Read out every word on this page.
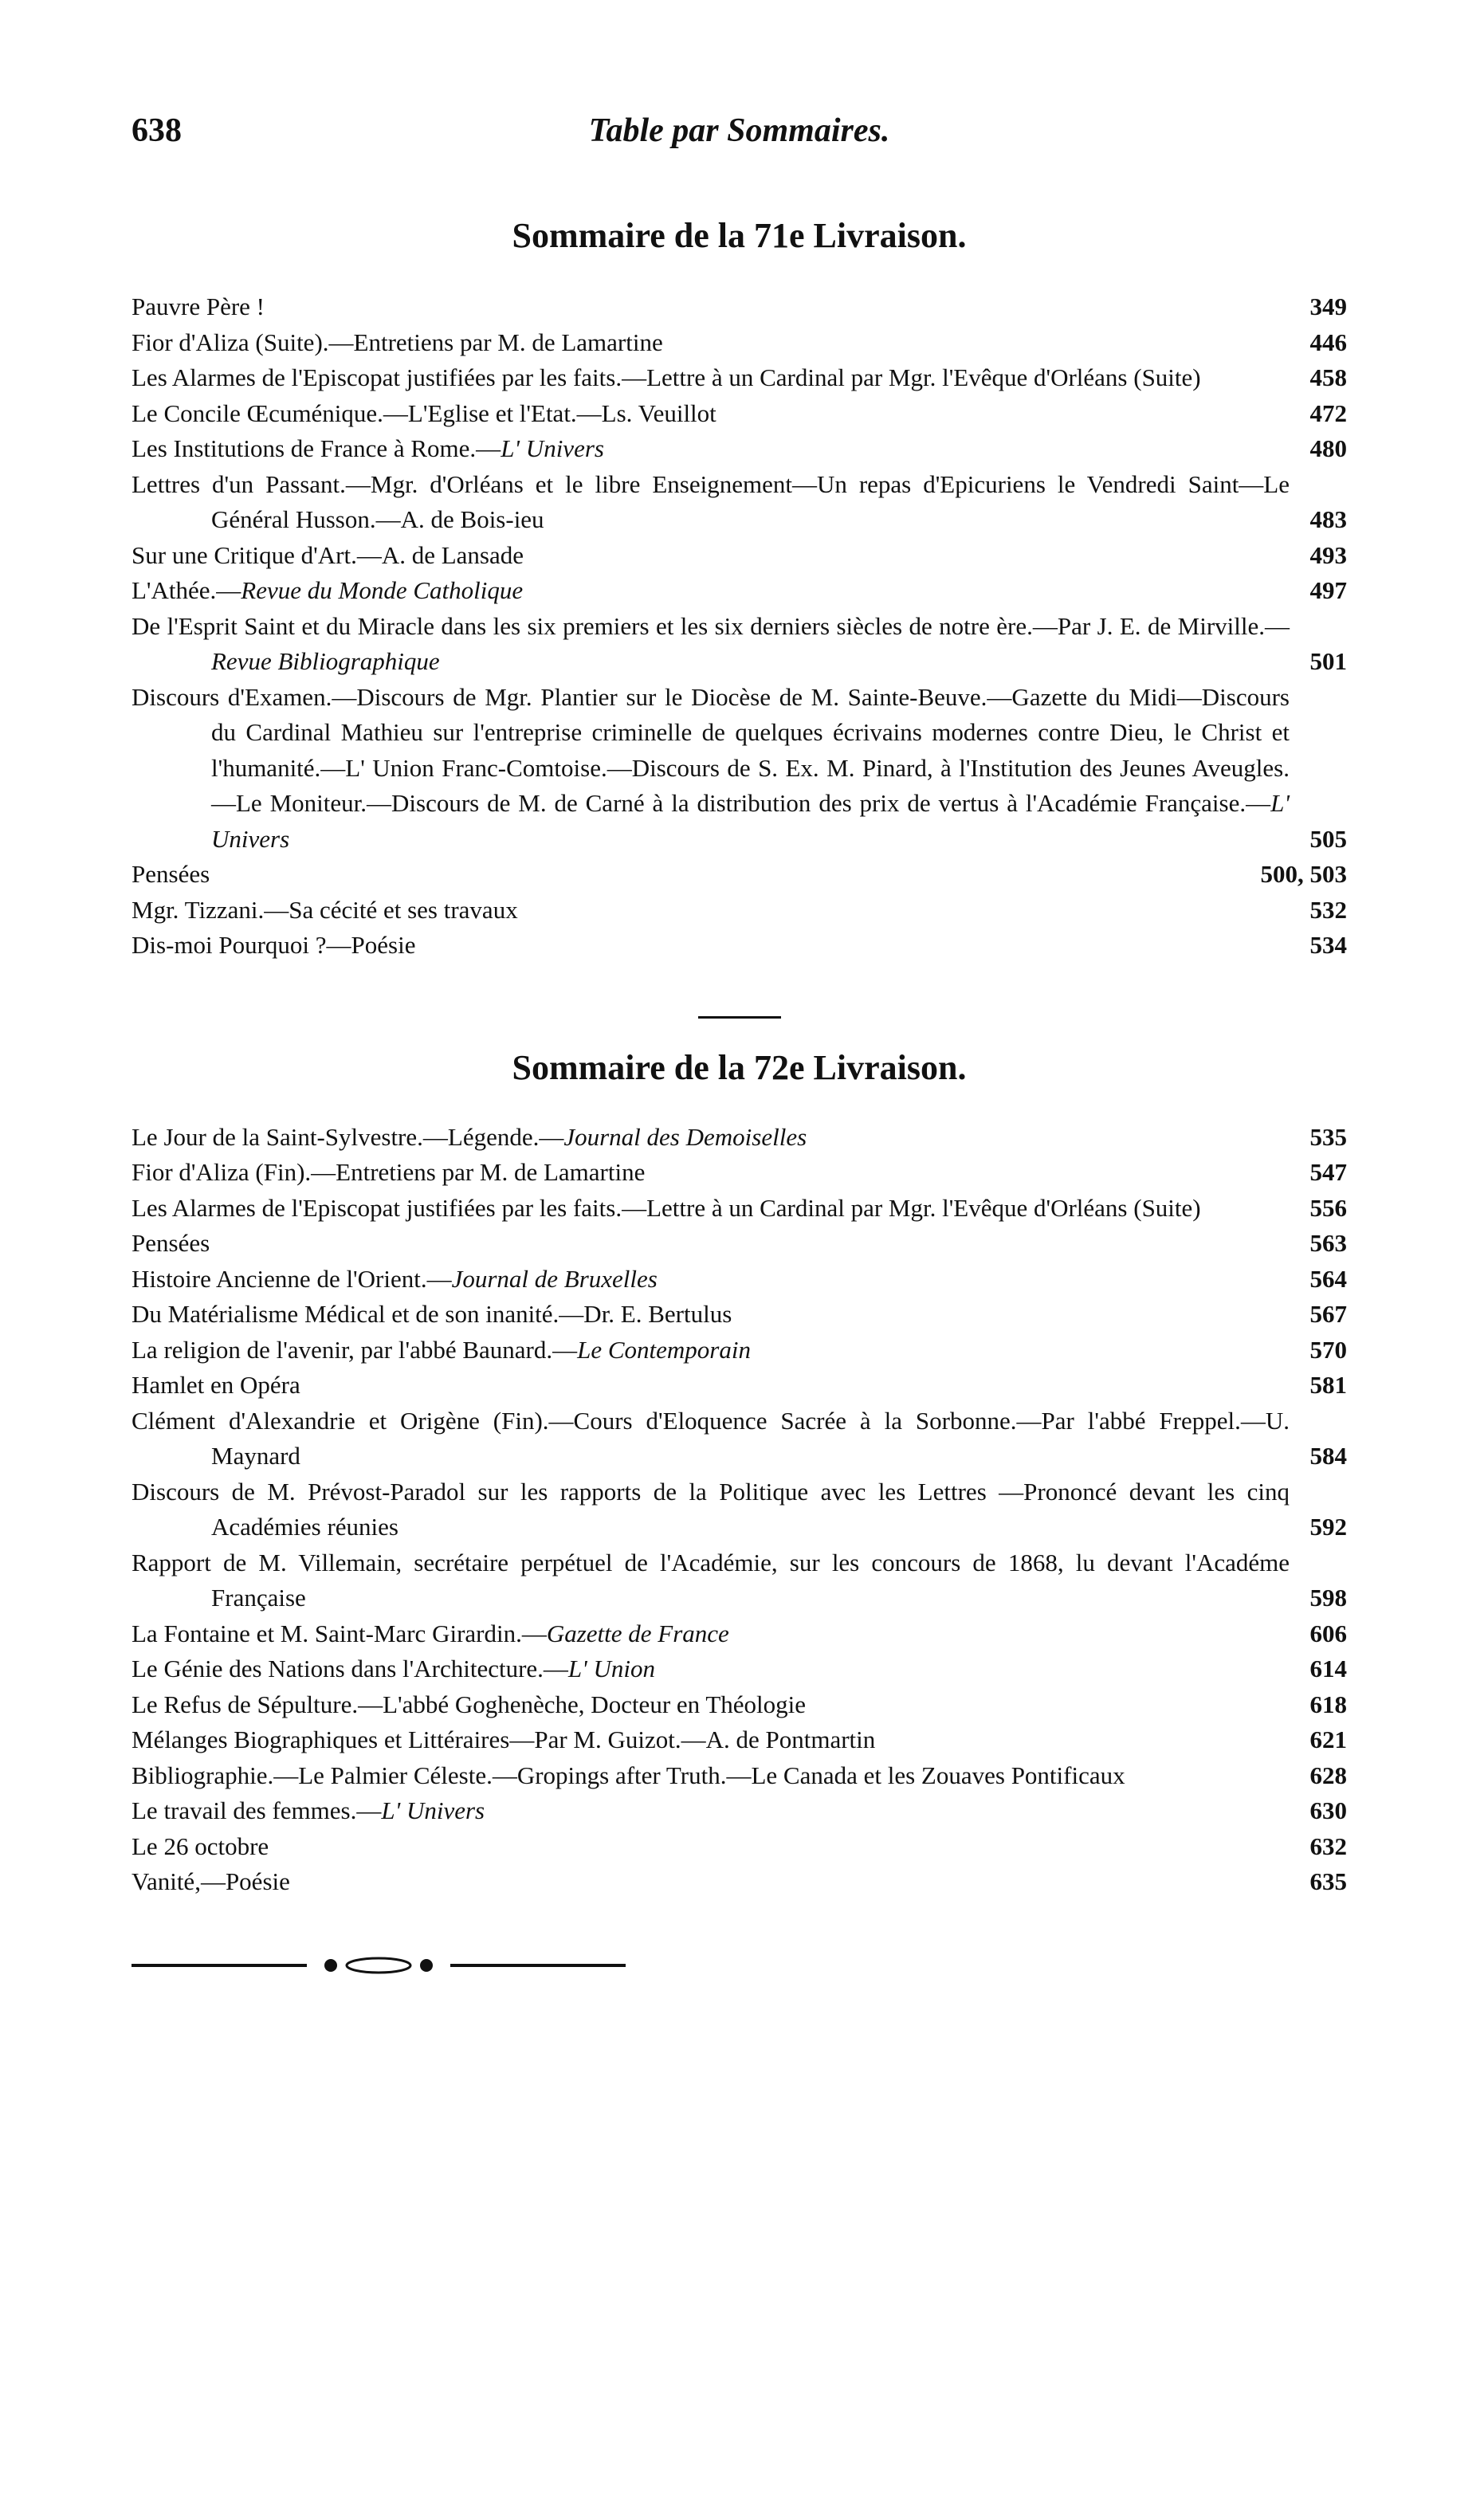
638	Table par Sommaires.
Sommaire de la 71e Livraison.
Pauvre Père !	349
Fior d'Aliza (Suite).—Entretiens par M. de Lamartine	446
Les Alarmes de l'Episcopat justifiées par les faits.—Lettre à un Cardinal par Mgr. l'Evêque d'Orléans (Suite)	458
Le Concile Œcuménique.—L'Eglise et l'Etat.—Ls. Veuillot	472
Les Institutions de France à Rome.—L' Univers	480
Lettres d'un Passant.—Mgr. d'Orléans et le libre Enseignement—Un repas d'Epicuriens le Vendredi Saint—Le Général Husson.—A. de Bois-ieu	483
Sur une Critique d'Art.—A. de Lansade	493
L'Athée.—Revue du Monde Catholique	497
De l'Esprit Saint et du Miracle dans les six premiers et les six derniers siècles de notre ère.—Par J. E. de Mirville.—Revue Bibliographique	501
Discours d'Examen.—Discours de Mgr. Plantier sur le Diocèse de M. Sainte-Beuve.—Gazette du Midi—Discours du Cardinal Mathieu sur l'entreprise criminelle de quelques écrivains modernes contre Dieu, le Christ et l'humanité.—L' Union Franc-Comtoise.—Discours de S. Ex. M. Pinard, à l'Institution des Jeunes Aveugles.—Le Moniteur.—Discours de M. de Carné à la distribution des prix de vertus à l'Académie Française.—L' Univers	505
Pensées	500, 503
Mgr. Tizzani.—Sa cécité et ses travaux	532
Dis-moi Pourquoi ?—Poésie	534
Sommaire de la 72e Livraison.
Le Jour de la Saint-Sylvestre.—Légende.—Journal des Demoiselles	535
Fior d'Aliza (Fin).—Entretiens par M. de Lamartine	547
Les Alarmes de l'Episcopat justifiées par les faits.—Lettre à un Cardinal par Mgr. l'Evêque d'Orléans (Suite)	556
Pensées	563
Histoire Ancienne de l'Orient.—Journal de Bruxelles	564
Du Matérialisme Médical et de son inanité.—Dr. E. Bertulus	567
La religion de l'avenir, par l'abbé Baunard.—Le Contemporain	570
Hamlet en Opéra	581
Clément d'Alexandrie et Origène (Fin).—Cours d'Eloquence Sacrée à la Sorbonne.—Par l'abbé Freppel.—U. Maynard	584
Discours de M. Prévost-Paradol sur les rapports de la Politique avec les Lettres —Prononcé devant les cinq Académies réunies	592
Rapport de M. Villemain, secrétaire perpétuel de l'Académie, sur les concours de 1868, lu devant l'Académe Française	598
La Fontaine et M. Saint-Marc Girardin.—Gazette de France	606
Le Génie des Nations dans l'Architecture.—L' Union	614
Le Refus de Sépulture.—L'abbé Goghenèche, Docteur en Théologie	618
Mélanges Biographiques et Littéraires—Par M. Guizot.—A. de Pontmartin	621
Bibliographie.—Le Palmier Céleste.—Gropings after Truth.—Le Canada et les Zouaves Pontificaux	628
Le travail des femmes.—L' Univers	630
Le 26 octobre	632
Vanité,—Poésie	635
